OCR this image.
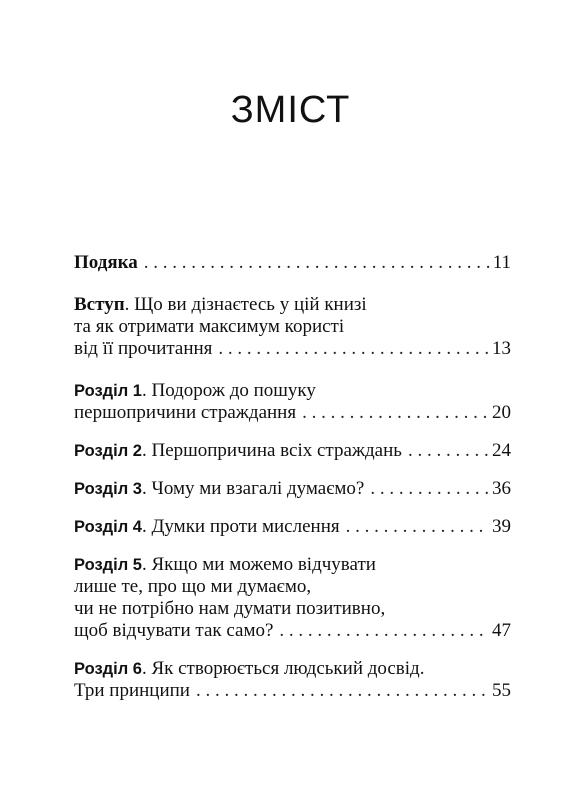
ЗМІСТ
Подяка . . .	11
Вступ. Що ви дізнаєтесь у цій книзі
та як отримати максимум користі
від її прочитання . . .	13
Розділ 1. Подорож до пошуку
першопричини страждання . . .	20
Розділ 2. Першопричина всіх страждань . . .	24
Розділ 3. Чому ми взагалі думаємо? . . .	36
Розділ 4. Думки проти мислення . . .	39
Розділ 5. Якщо ми можемо відчувати
лише те, про що ми думаємо,
чи не потрібно нам думати позитивно,
щоб відчувати так само? . . .	47
Розділ 6. Як створюється людський досвід.
Три принципи . . .	55
